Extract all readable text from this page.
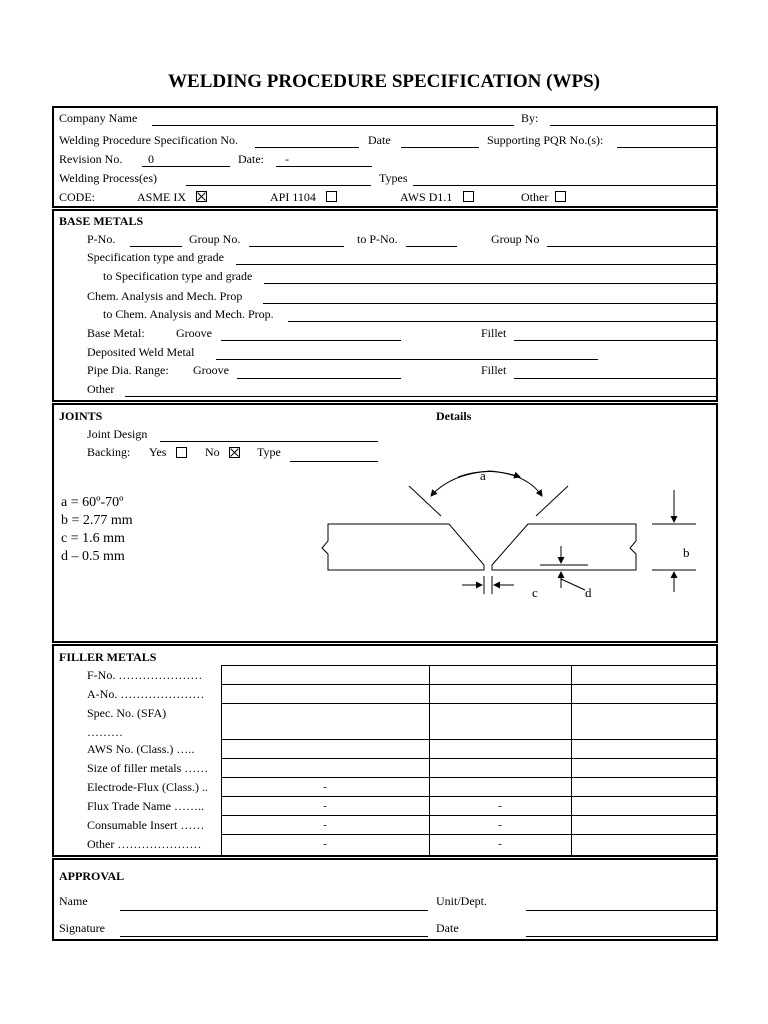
WELDING PROCEDURE SPECIFICATION (WPS)
Company Name	By:
Welding Procedure Specification No.	Date	Supporting PQR No.(s):
Revision No. 0	Date: -
Welding Process(es)	Types
CODE:	ASME IX	API 1104	AWS D1.1	Other
BASE METALS
P-No.	Group No.	to P-No.	Group No
Specification type and grade
to Specification type and grade
Chem. Analysis and Mech. Prop
to Chem. Analysis and Mech. Prop.
Base Metal:	Groove	Fillet
Deposited Weld Metal
Pipe Dia. Range: Groove	Fillet
Other
JOINTS	Details
Joint Design
Backing: Yes	No	Type
a = 60º-70º
b = 2.77 mm
c = 1.6 mm
d – 0.5 mm
a
b
c	d
FILLER METALS
F-No. …………………
A-No. …………………
Spec. No. (SFA)
………
AWS No. (Class.) …..
Size of filler metals ……
Electrode-Flux (Class.) ..	-
Flux Trade Name ……..	-	-
Consumable Insert ……	-	-
Other …………………	-	-
APPROVAL
Name	Unit/Dept.
Signature	Date
